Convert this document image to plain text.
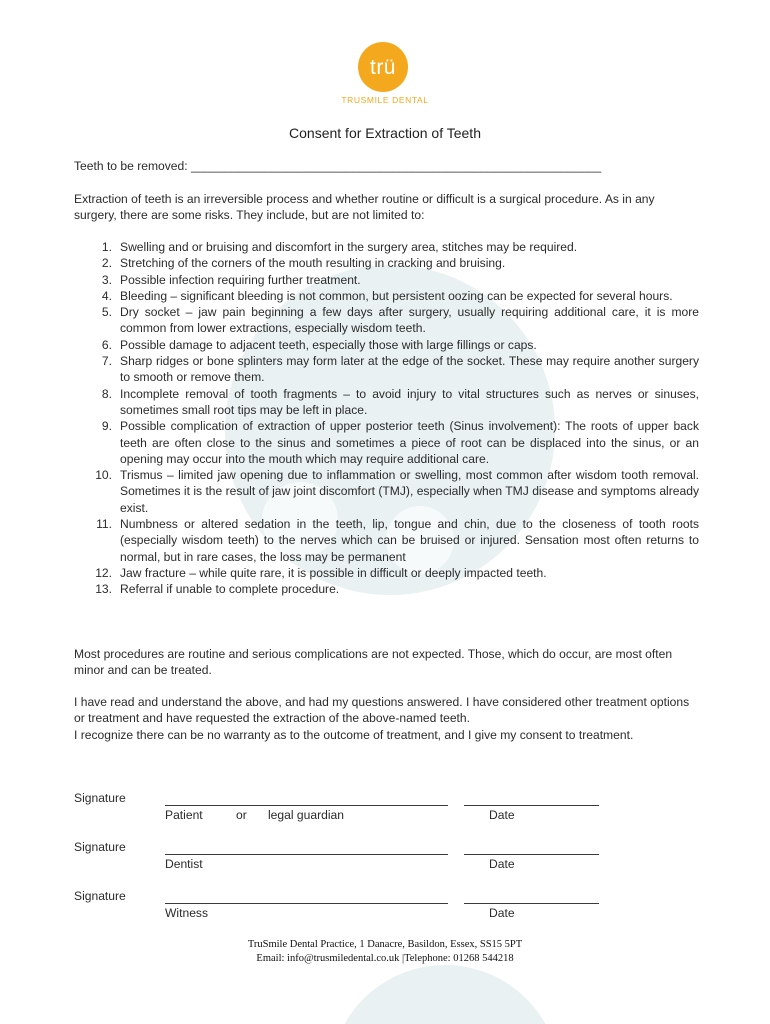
trü
TRUSMILE DENTAL
Consent for Extraction of Teeth

Teeth to be removed: _____________________________________________________________

Extraction of teeth is an irreversible process and whether routine or difficult is a surgical procedure. As in any surgery, there are some risks. They include, but are not limited to:

1. Swelling and or bruising and discomfort in the surgery area, stitches may be required.
2. Stretching of the corners of the mouth resulting in cracking and bruising.
3. Possible infection requiring further treatment.
4. Bleeding – significant bleeding is not common, but persistent oozing can be expected for several hours.
5. Dry socket – jaw pain beginning a few days after surgery, usually requiring additional care, it is more common from lower extractions, especially wisdom teeth.
6. Possible damage to adjacent teeth, especially those with large fillings or caps.
7. Sharp ridges or bone splinters may form later at the edge of the socket. These may require another surgery to smooth or remove them.
8. Incomplete removal of tooth fragments – to avoid injury to vital structures such as nerves or sinuses, sometimes small root tips may be left in place.
9. Possible complication of extraction of upper posterior teeth (Sinus involvement): The roots of upper back teeth are often close to the sinus and sometimes a piece of root can be displaced into the sinus, or an opening may occur into the mouth which may require additional care.
10. Trismus – limited jaw opening due to inflammation or swelling, most common after wisdom tooth removal. Sometimes it is the result of jaw joint discomfort (TMJ), especially when TMJ disease and symptoms already exist.
11. Numbness or altered sedation in the teeth, lip, tongue and chin, due to the closeness of tooth roots (especially wisdom teeth) to the nerves which can be bruised or injured. Sensation most often returns to normal, but in rare cases, the loss may be permanent
12. Jaw fracture – while quite rare, it is possible in difficult or deeply impacted teeth.
13. Referral if unable to complete procedure.

Most procedures are routine and serious complications are not expected. Those, which do occur, are most often minor and can be treated.

I have read and understand the above, and had my questions answered. I have considered other treatment options or treatment and have requested the extraction of the above-named teeth.
I recognize there can be no warranty as to the outcome of treatment, and I give my consent to treatment.
Signature
Patient	or legal guardian	Date
Signature
Dentist	Date
Signature
Witness	Date
TruSmile Dental Practice, 1 Danacre, Basildon, Essex, SS15 5PT
Email: info@trusmiledental.co.uk |Telephone: 01268 544218
